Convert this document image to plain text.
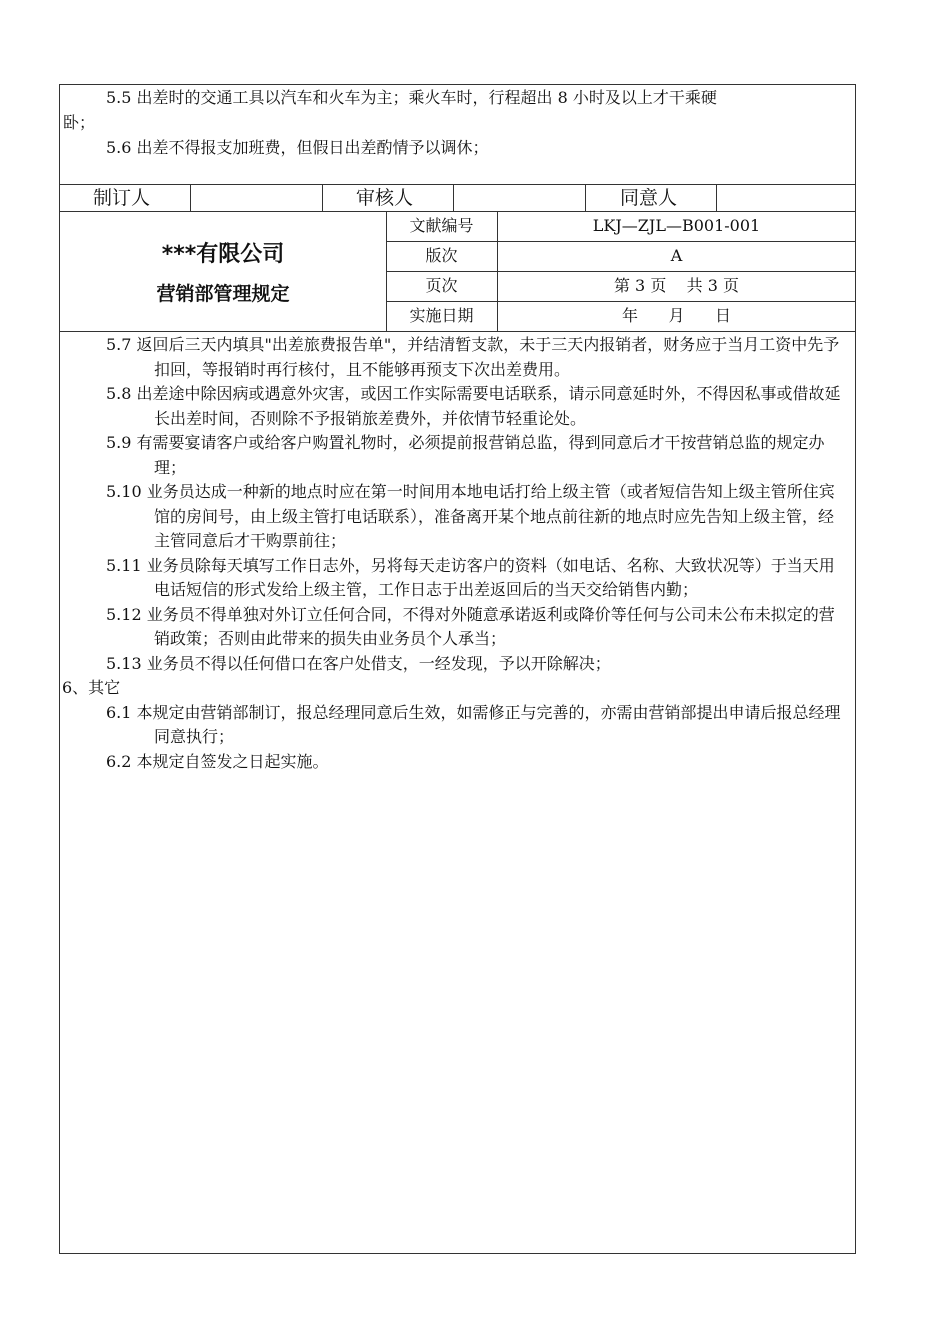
5.5 出差时的交通工具以汽车和火车为主；乘火车时，行程超出 8 小时及以上才干乘硬
卧；
5.6 出差不得报支加班费，但假日出差酌情予以调休；
制订人	审核人	同意人
***有限公司
营销部管理规定
文献编号	LKJ—ZJL—B001-001
版次	A
页次	第 3 页    共 3 页
实施日期	年      月      日

5.7 返回后三天内填具"出差旅费报告单"，并结清暂支款，未于三天内报销者，财务应于当月工资中先予扣回，等报销时再行核付，且不能够再预支下次出差费用。

5.8 出差途中除因病或遇意外灾害，或因工作实际需要电话联系，请示同意延时外，不得因私事或借故延长出差时间，否则除不予报销旅差费外，并依情节轻重论处。

5.9 有需要宴请客户或给客户购置礼物时，必须提前报营销总监，得到同意后才干按营销总监的规定办理；

5.10 业务员达成一种新的地点时应在第一时间用本地电话打给上级主管（或者短信告知上级主管所住宾馆的房间号，由上级主管打电话联系），准备离开某个地点前往新的地点时应先告知上级主管，经主管同意后才干购票前往；

5.11 业务员除每天填写工作日志外，另将每天走访客户的资料（如电话、名称、大致状况等）于当天用电话短信的形式发给上级主管，工作日志于出差返回后的当天交给销售内勤；

5.12 业务员不得单独对外订立任何合同，不得对外随意承诺返利或降价等任何与公司未公布未拟定的营销政策；否则由此带来的损失由业务员个人承当；

5.13 业务员不得以任何借口在客户处借支，一经发现，予以开除解决；

6、其它

6.1 本规定由营销部制订，报总经理同意后生效，如需修正与完善的，亦需由营销部提出申请后报总经理同意执行；

6.2 本规定自签发之日起实施。
